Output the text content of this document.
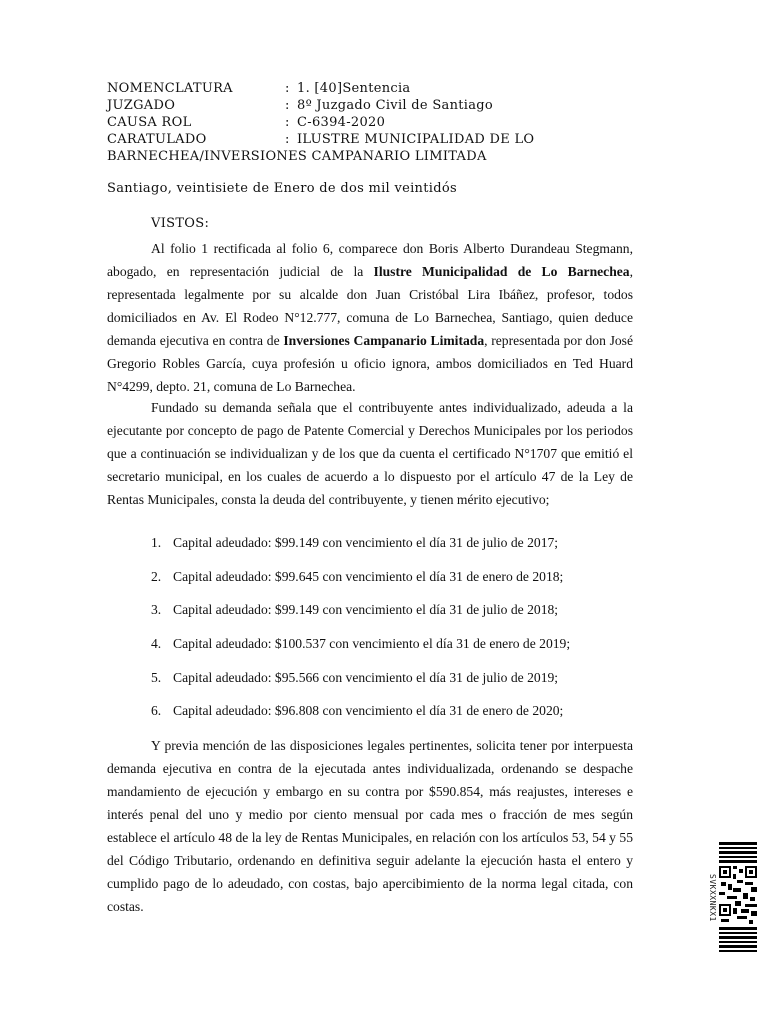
NOMENCLATURA	: 1. [40]Sentencia
JUZGADO	: 8º Juzgado Civil de Santiago
CAUSA ROL	: C-6394-2020
CARATULADO	: ILUSTRE MUNICIPALIDAD DE LO
BARNECHEA/INVERSIONES CAMPANARIO LIMITADA
Santiago, veintisiete de Enero de dos mil veintidós
VISTOS:

Al folio 1 rectificada al folio 6, comparece don Boris Alberto Durandeau Stegmann, abogado, en representación judicial de la Ilustre Municipalidad de Lo Barnechea, representada legalmente por su alcalde don Juan Cristóbal Lira Ibáñez, profesor, todos domiciliados en Av. El Rodeo N°12.777, comuna de Lo Barnechea, Santiago, quien deduce demanda ejecutiva en contra de Inversiones Campanario Limitada, representada por don José Gregorio Robles García, cuya profesión u oficio ignora, ambos domiciliados en Ted Huard N°4299, depto. 21, comuna de Lo Barnechea.

Fundado su demanda señala que el contribuyente antes individualizado, adeuda a la ejecutante por concepto de pago de Patente Comercial y Derechos Municipales por los periodos que a continuación se individualizan y de los que da cuenta el certificado N°1707 que emitió el secretario municipal, en los cuales de acuerdo a lo dispuesto por el artículo 47 de la Ley de Rentas Municipales, consta la deuda del contribuyente, y tienen mérito ejecutivo;

1. Capital adeudado: $99.149 con vencimiento el día 31 de julio de 2017;
2. Capital adeudado: $99.645 con vencimiento el día 31 de enero de 2018;
3. Capital adeudado: $99.149 con vencimiento el día 31 de julio de 2018;
4. Capital adeudado: $100.537 con vencimiento el día 31 de enero de 2019;
5. Capital adeudado: $95.566 con vencimiento el día 31 de julio de 2019;
6. Capital adeudado: $96.808 con vencimiento el día 31 de enero de 2020;

Y previa mención de las disposiciones legales pertinentes, solicita tener por interpuesta demanda ejecutiva en contra de la ejecutada antes individualizada, ordenando se despache mandamiento de ejecución y embargo en su contra por $590.854, más reajustes, intereses e interés penal del uno y medio por ciento mensual por cada mes o fracción de mes según establece el artículo 48 de la ley de Rentas Municipales, en relación con los artículos 53, 54 y 55 del Código Tributario, ordenando en definitiva seguir adelante la ejecución hasta el entero y cumplido pago de lo adeudado, con costas, bajo apercibimiento de la norma legal citada, con costas.	SVKXXNKX1
